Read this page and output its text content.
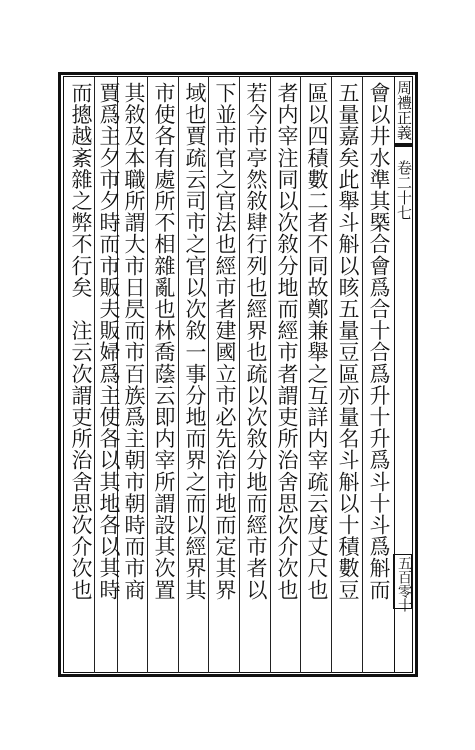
周禮正義
卷二十七
五百零十
會以井水準其槩合會爲合十合爲升十升爲斗十斗爲斛而
五量嘉矣此舉斗斛以晐五量豆區亦量名斗斛以十積數豆
區以四積數二者不同故鄭兼舉之互詳内宰疏云度丈尺也
者内宰注同以次敘分地而經市者謂吏所治舍思次介次也
若今市亭然敘肆行列也經界也疏以次敘分地而經市者以
下並市官之官法也經市者建國立市必先治市地而定其界
域也賈疏云司市之官以次敘一事分地而界之而以經界其
市使各有處所不相雜亂也林喬蔭云即内宰所謂設其次置
其敘及本職所謂大市日昃而市百族爲主朝市朝時而市商
賈爲主夕市夕時而市販夫販婦爲主使各以其地各以其時
而摠越紊雜之弊不行矣　注云次謂吏所治舍思次介次也
